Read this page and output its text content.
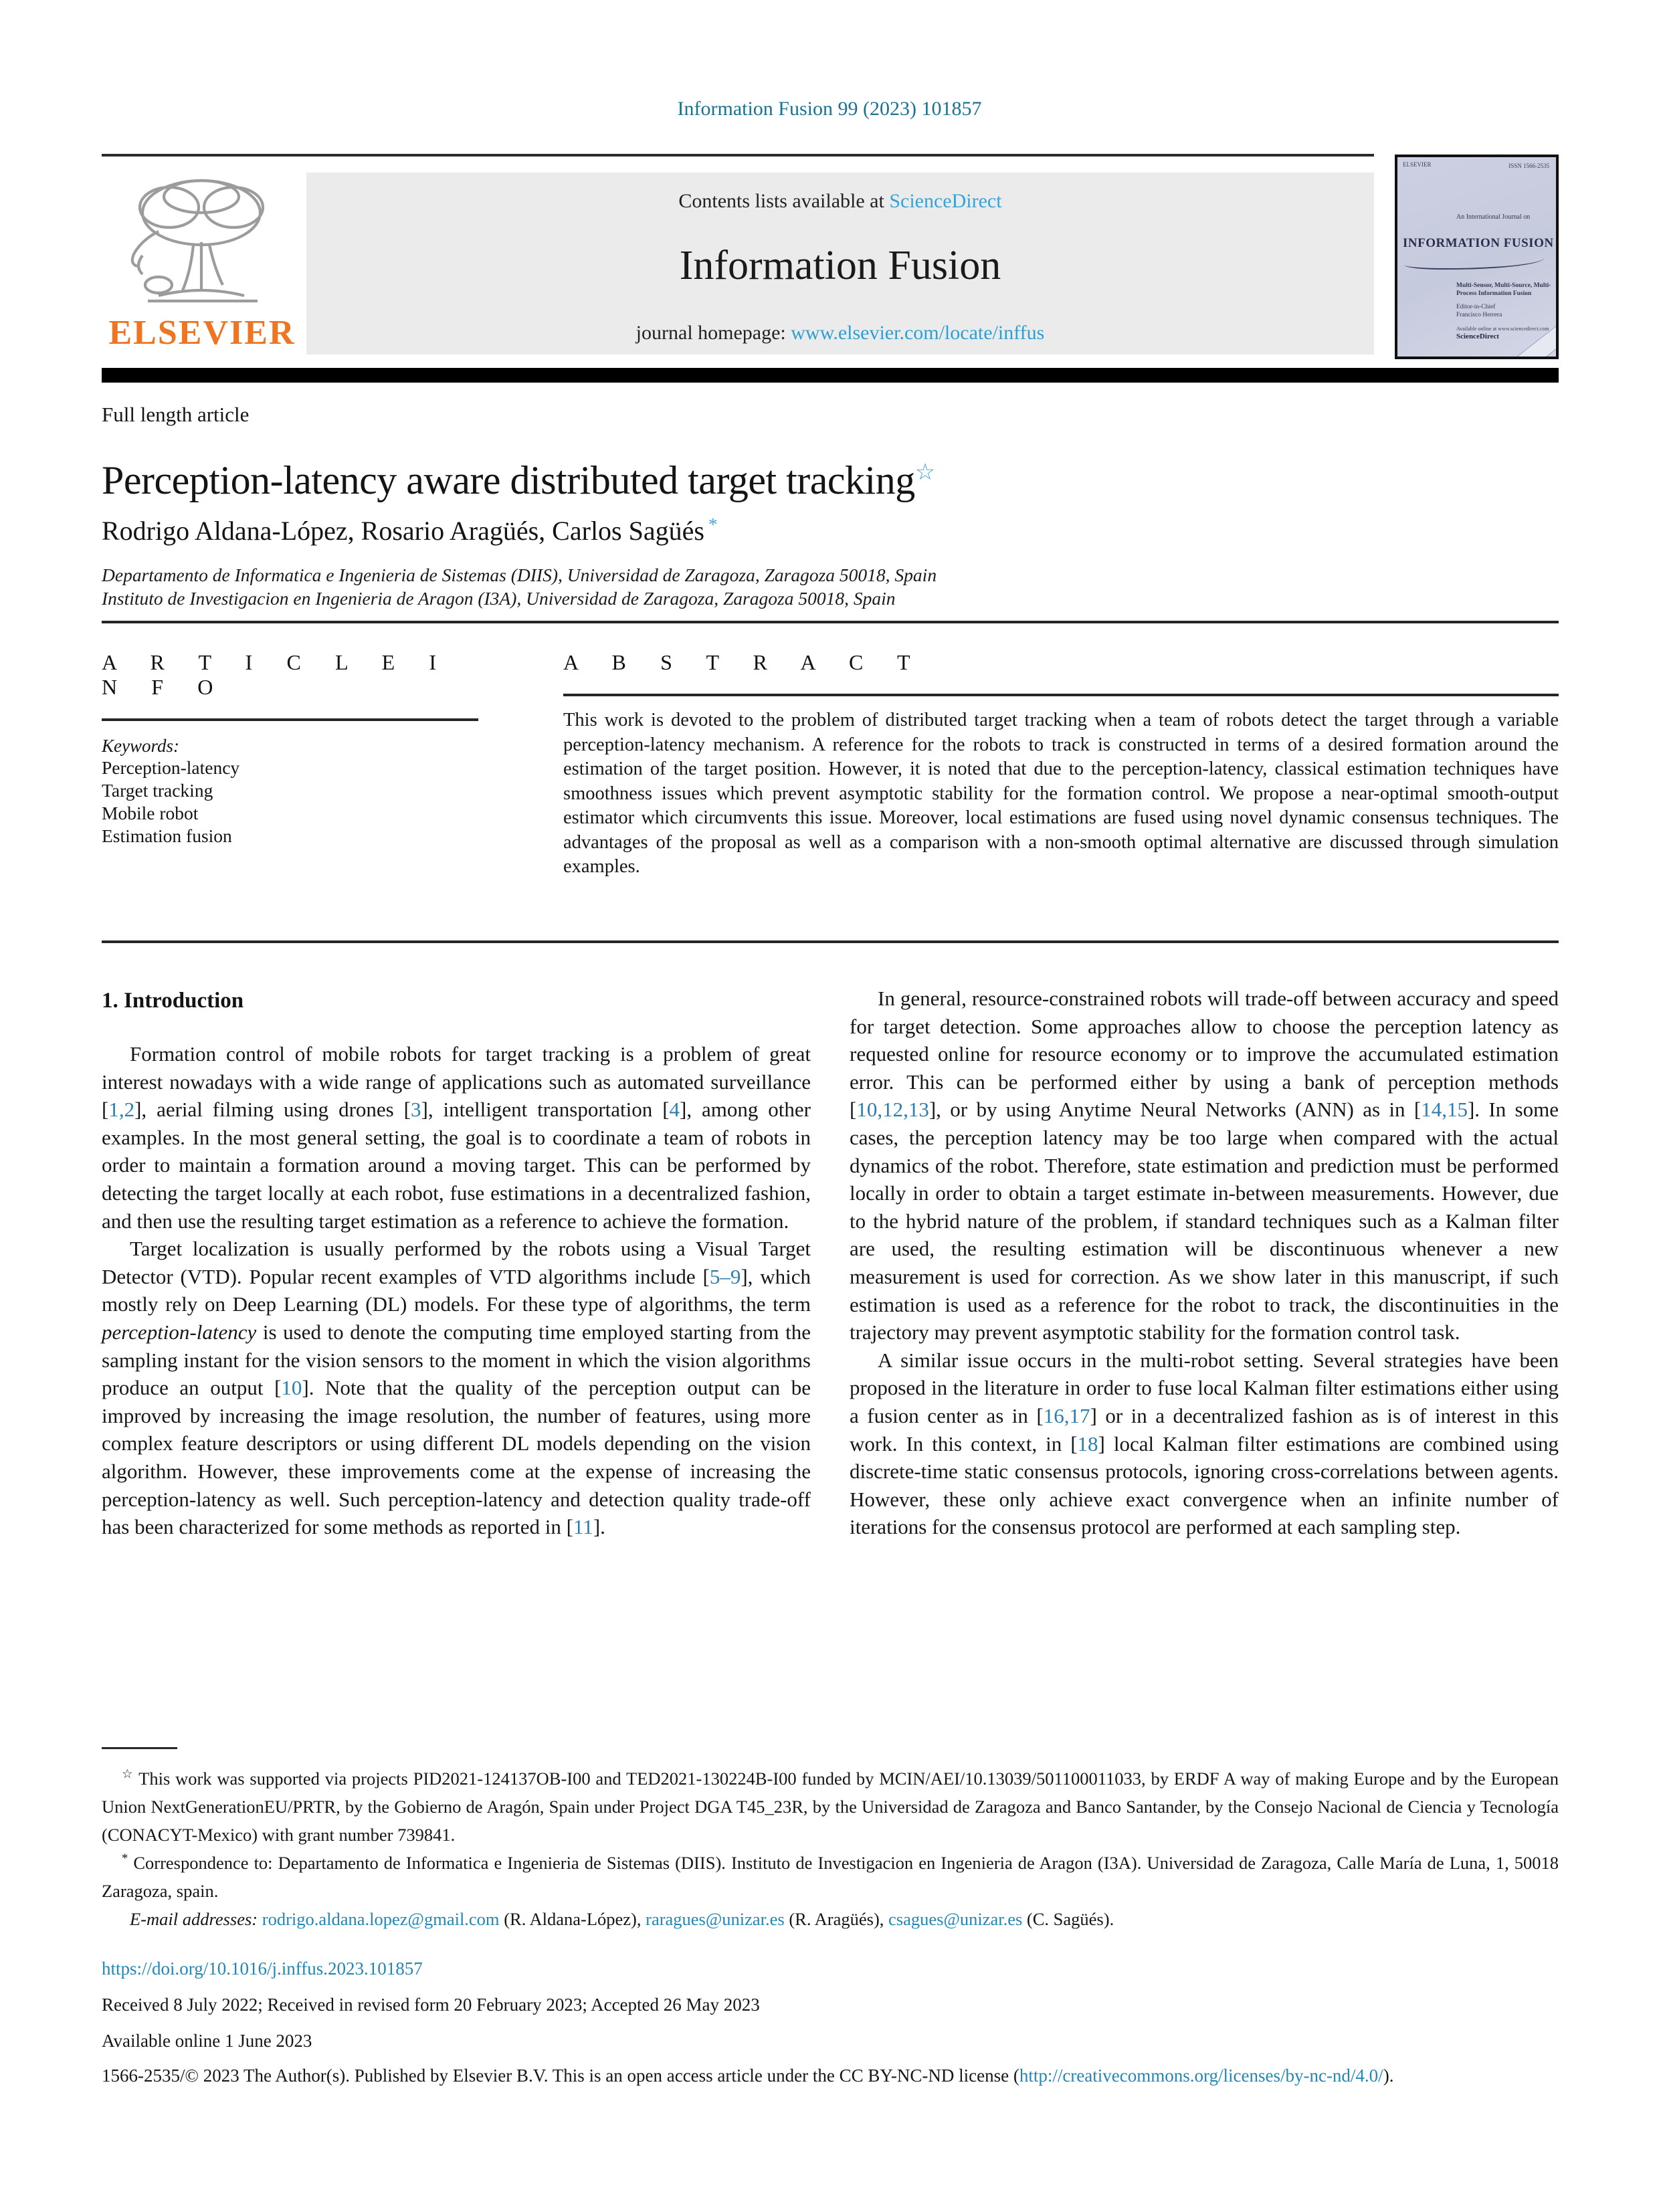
Information Fusion 99 (2023) 101857
ELSEVIER
Contents lists available at ScienceDirect
Information Fusion
journal homepage: www.elsevier.com/locate/inffus
ELSEVIER	ISSN 1566-2535
An International Journal on
INFORMATION FUSION
Multi-Sensor, Multi-Source, Multi-Process Information Fusion
Editor-in-Chief
Francisco Herrera
Available online at www.sciencedirect.com
ScienceDirect
Full length article
Perception-latency aware distributed target tracking☆
Rodrigo Aldana-López, Rosario Aragüés, Carlos Sagüés *
Departamento de Informatica e Ingenieria de Sistemas (DIIS), Universidad de Zaragoza, Zaragoza 50018, Spain
Instituto de Investigacion en Ingenieria de Aragon (I3A), Universidad de Zaragoza, Zaragoza 50018, Spain
A R T I C L E I N F O
Keywords:
Perception-latency
Target tracking
Mobile robot
Estimation fusion
A B S T R A C T
This work is devoted to the problem of distributed target tracking when a team of robots detect the target through a variable perception-latency mechanism. A reference for the robots to track is constructed in terms of a desired formation around the estimation of the target position. However, it is noted that due to the perception-latency, classical estimation techniques have smoothness issues which prevent asymptotic stability for the formation control. We propose a near-optimal smooth-output estimator which circumvents this issue. Moreover, local estimations are fused using novel dynamic consensus techniques. The advantages of the proposal as well as a comparison with a non-smooth optimal alternative are discussed through simulation examples.
1. Introduction

Formation control of mobile robots for target tracking is a problem of great interest nowadays with a wide range of applications such as automated surveillance [1,2], aerial filming using drones [3], intelligent transportation [4], among other examples. In the most general setting, the goal is to coordinate a team of robots in order to maintain a formation around a moving target. This can be performed by detecting the target locally at each robot, fuse estimations in a decentralized fashion, and then use the resulting target estimation as a reference to achieve the formation.

Target localization is usually performed by the robots using a Visual Target Detector (VTD). Popular recent examples of VTD algorithms include [5–9], which mostly rely on Deep Learning (DL) models. For these type of algorithms, the term perception-latency is used to denote the computing time employed starting from the sampling instant for the vision sensors to the moment in which the vision algorithms produce an output [10]. Note that the quality of the perception output can be improved by increasing the image resolution, the number of features, using more complex feature descriptors or using different DL models depending on the vision algorithm. However, these improvements come at the expense of increasing the perception-latency as well. Such perception-latency and detection quality trade-off has been characterized for some methods as reported in [11].

In general, resource-constrained robots will trade-off between accuracy and speed for target detection. Some approaches allow to choose the perception latency as requested online for resource economy or to improve the accumulated estimation error. This can be performed either by using a bank of perception methods [10,12,13], or by using Anytime Neural Networks (ANN) as in [14,15]. In some cases, the perception latency may be too large when compared with the actual dynamics of the robot. Therefore, state estimation and prediction must be performed locally in order to obtain a target estimate in-between measurements. However, due to the hybrid nature of the problem, if standard techniques such as a Kalman filter are used, the resulting estimation will be discontinuous whenever a new measurement is used for correction. As we show later in this manuscript, if such estimation is used as a reference for the robot to track, the discontinuities in the trajectory may prevent asymptotic stability for the formation control task.

A similar issue occurs in the multi-robot setting. Several strategies have been proposed in the literature in order to fuse local Kalman filter estimations either using a fusion center as in [16,17] or in a decentralized fashion as is of interest in this work. In this context, in [18] local Kalman filter estimations are combined using discrete-time static consensus protocols, ignoring cross-correlations between agents. However, these only achieve exact convergence when an infinite number of iterations for the consensus protocol are performed at each sampling step.

☆ This work was supported via projects PID2021-124137OB-I00 and TED2021-130224B-I00 funded by MCIN/AEI/10.13039/501100011033, by ERDF A way of making Europe and by the European Union NextGenerationEU/PRTR, by the Gobierno de Aragón, Spain under Project DGA T45_23R, by the Universidad de Zaragoza and Banco Santander, by the Consejo Nacional de Ciencia y Tecnología (CONACYT-Mexico) with grant number 739841.

* Correspondence to: Departamento de Informatica e Ingenieria de Sistemas (DIIS). Instituto de Investigacion en Ingenieria de Aragon (I3A). Universidad de Zaragoza, Calle María de Luna, 1, 50018 Zaragoza, spain.

E-mail addresses: rodrigo.aldana.lopez@gmail.com (R. Aldana-López), raragues@unizar.es (R. Aragüés), csagues@unizar.es (C. Sagüés).

https://doi.org/10.1016/j.inffus.2023.101857

Received 8 July 2022; Received in revised form 20 February 2023; Accepted 26 May 2023

Available online 1 June 2023

1566-2535/© 2023 The Author(s). Published by Elsevier B.V. This is an open access article under the CC BY-NC-ND license (http://creativecommons.org/licenses/by-nc-nd/4.0/).
